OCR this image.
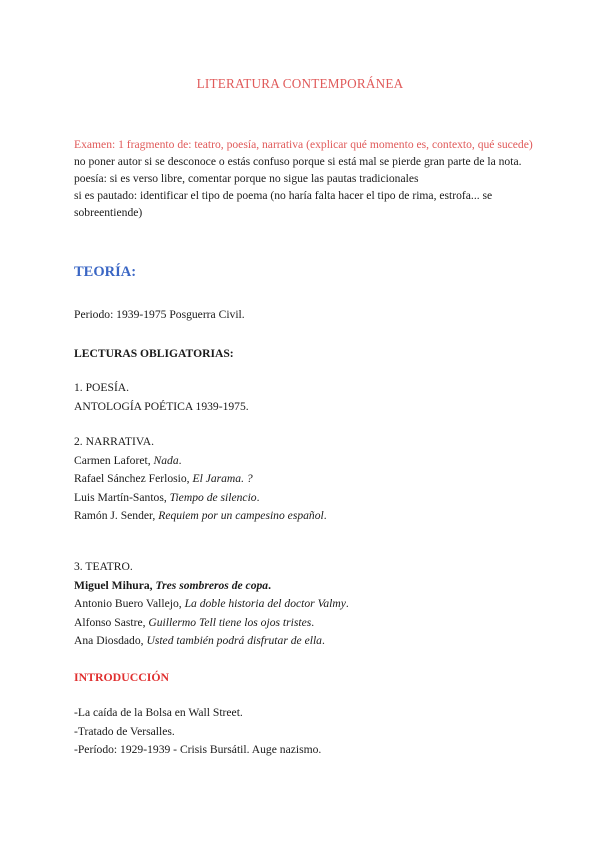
LITERATURA CONTEMPORÁNEA
Examen: 1 fragmento de: teatro, poesía, narrativa (explicar qué momento es, contexto, qué sucede)
no poner autor si se desconoce o estás confuso porque si está mal se pierde gran parte de la nota.
poesía: si es verso libre, comentar porque no sigue las pautas tradicionales
si es pautado: identificar el tipo de poema (no haría falta hacer el tipo de rima, estrofa... se sobreentiende)
TEORÍA:
Periodo: 1939-1975 Posguerra Civil.
LECTURAS OBLIGATORIAS:
1. POESÍA.
ANTOLOGÍA POÉTICA 1939-1975.
2. NARRATIVA.
Carmen Laforet, Nada.
Rafael Sánchez Ferlosio, El Jarama. ?
Luis Martín-Santos, Tiempo de silencio.
Ramón J. Sender, Requiem por un campesino español.
3. TEATRO.
Miguel Mihura, Tres sombreros de copa.
Antonio Buero Vallejo, La doble historia del doctor Valmy.
Alfonso Sastre, Guillermo Tell tiene los ojos tristes.
Ana Diosdado, Usted también podrá disfrutar de ella.
INTRODUCCIÓN
-La caída de la Bolsa en Wall Street.
-Tratado de Versalles.
-Período: 1929-1939 - Crisis Bursátil. Auge nazismo.
